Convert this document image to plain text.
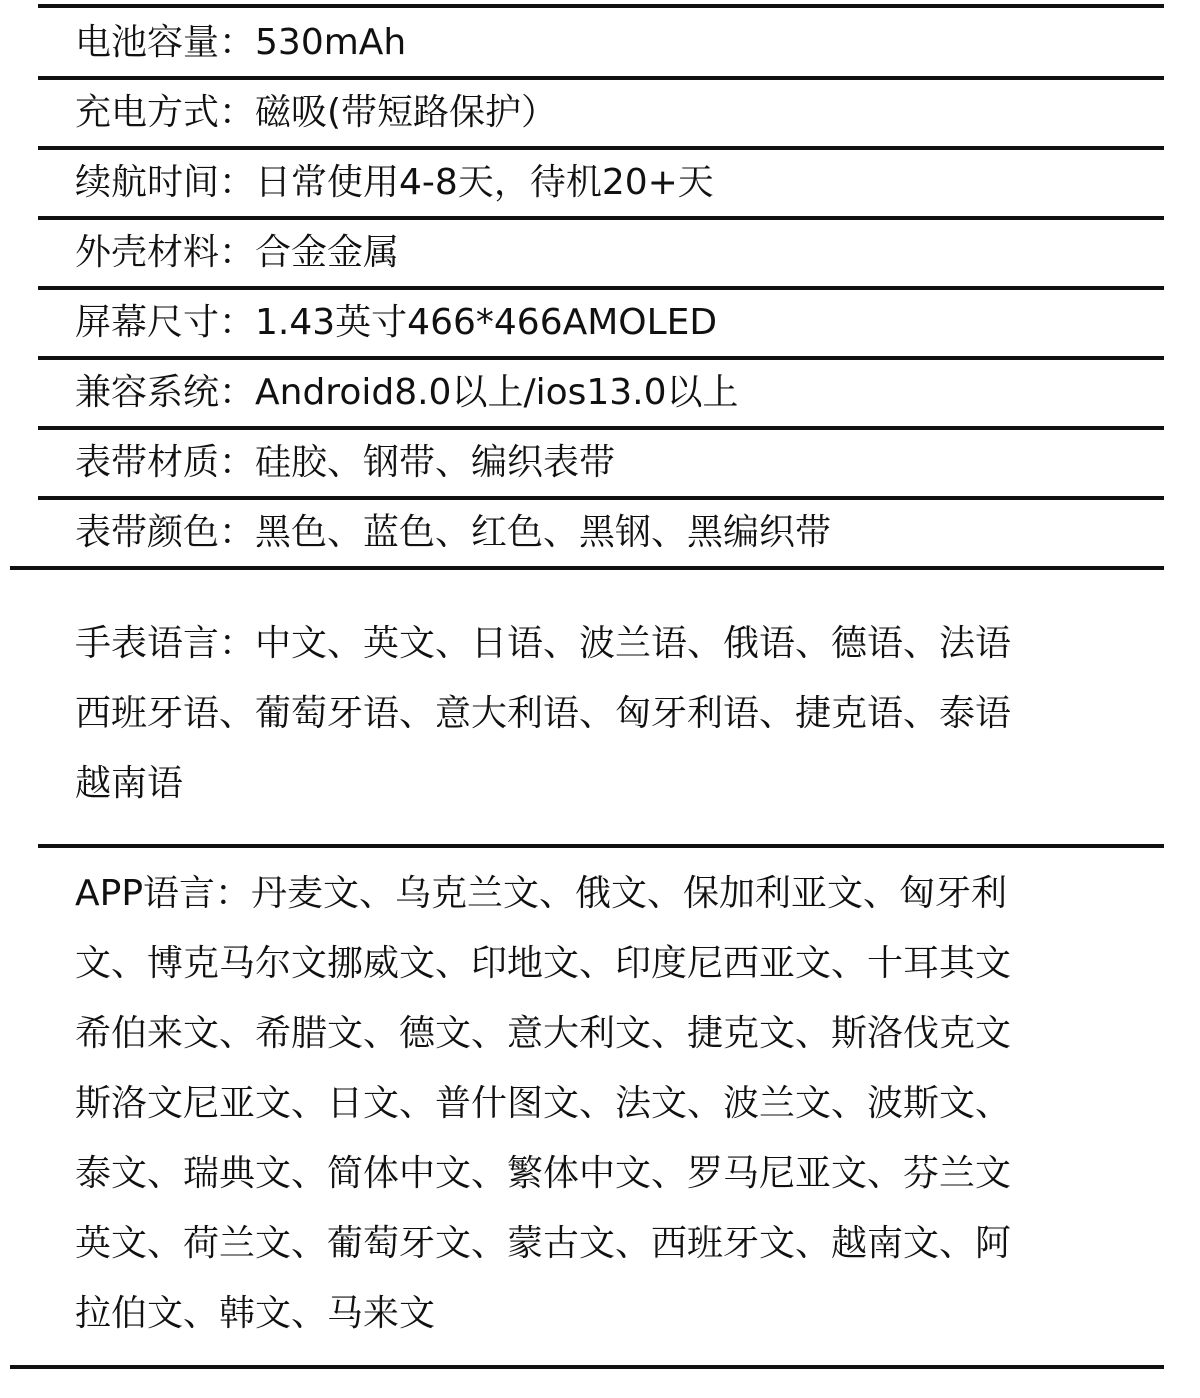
电池容量：530mAh
充电方式：磁吸(带短路保护）
续航时间：日常使用4-8天，待机20+天
外壳材料：合金金属
屏幕尺寸：1.43英寸466*466AMOLED
兼容系统：Android8.0以上/ios13.0以上
表带材质：硅胶、钢带、编织表带
表带颜色：黑色、蓝色、红色、黑钢、黑编织带
手表语言：中文、英文、日语、波兰语、俄语、德语、法语
西班牙语、葡萄牙语、意大利语、匈牙利语、捷克语、泰语
越南语
APP语言：丹麦文、乌克兰文、俄文、保加利亚文、匈牙利
文、博克马尔文挪威文、印地文、印度尼西亚文、十耳其文
希伯来文、希腊文、德文、意大利文、捷克文、斯洛伐克文
斯洛文尼亚文、日文、普什图文、法文、波兰文、波斯文、
泰文、瑞典文、简体中文、繁体中文、罗马尼亚文、芬兰文
英文、荷兰文、葡萄牙文、蒙古文、西班牙文、越南文、阿
拉伯文、韩文、马来文
